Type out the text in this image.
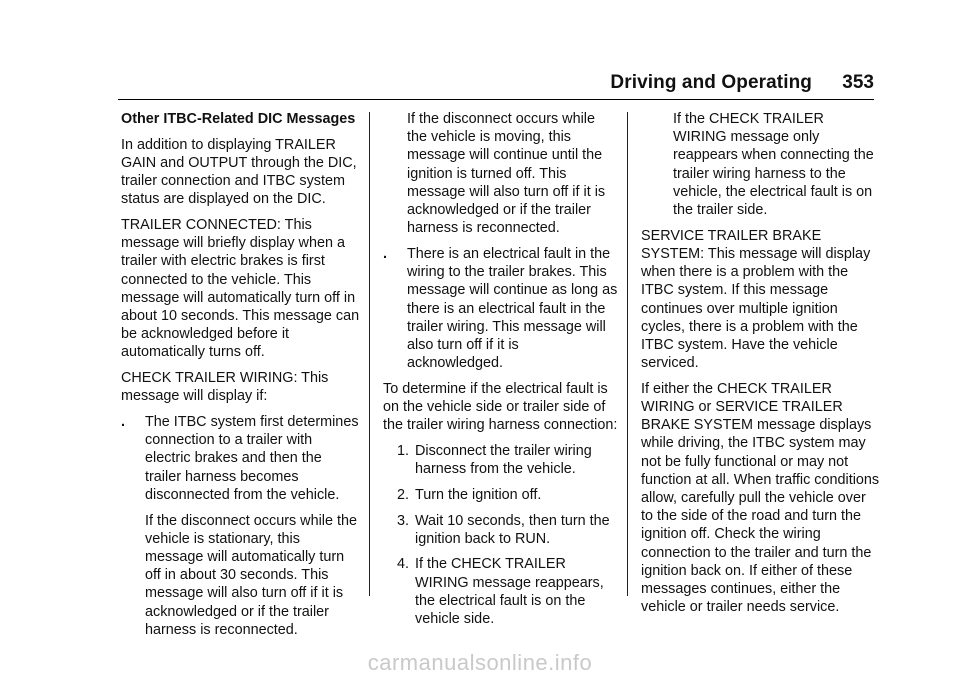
Driving and Operating 353

Other ITBC-Related DIC Messages

In addition to displaying TRAILER GAIN and OUTPUT through the DIC, trailer connection and ITBC system status are displayed on the DIC.

TRAILER CONNECTED: This message will briefly display when a trailer with electric brakes is first connected to the vehicle. This message will automatically turn off in about 10 seconds. This message can be acknowledged before it automatically turns off.

CHECK TRAILER WIRING: This message will display if:

. The ITBC system first determines connection to a trailer with electric brakes and then the trailer harness becomes disconnected from the vehicle.

If the disconnect occurs while the vehicle is stationary, this message will automatically turn off in about 30 seconds. This message will also turn off if it is acknowledged or if the trailer harness is reconnected.

If the disconnect occurs while the vehicle is moving, this message will continue until the ignition is turned off. This message will also turn off if it is acknowledged or if the trailer harness is reconnected.

. There is an electrical fault in the wiring to the trailer brakes. This message will continue as long as there is an electrical fault in the trailer wiring. This message will also turn off if it is acknowledged.

To determine if the electrical fault is on the vehicle side or trailer side of the trailer wiring harness connection:

1. Disconnect the trailer wiring harness from the vehicle.

2. Turn the ignition off.

3. Wait 10 seconds, then turn the ignition back to RUN.

4. If the CHECK TRAILER WIRING message reappears, the electrical fault is on the vehicle side.

If the CHECK TRAILER WIRING message only reappears when connecting the trailer wiring harness to the vehicle, the electrical fault is on the trailer side.

SERVICE TRAILER BRAKE SYSTEM: This message will display when there is a problem with the ITBC system. If this message continues over multiple ignition cycles, there is a problem with the ITBC system. Have the vehicle serviced.

If either the CHECK TRAILER WIRING or SERVICE TRAILER BRAKE SYSTEM message displays while driving, the ITBC system may not be fully functional or may not function at all. When traffic conditions allow, carefully pull the vehicle over to the side of the road and turn the ignition off. Check the wiring connection to the trailer and turn the ignition back on. If either of these messages continues, either the vehicle or trailer needs service.

carmanualsonline.info
